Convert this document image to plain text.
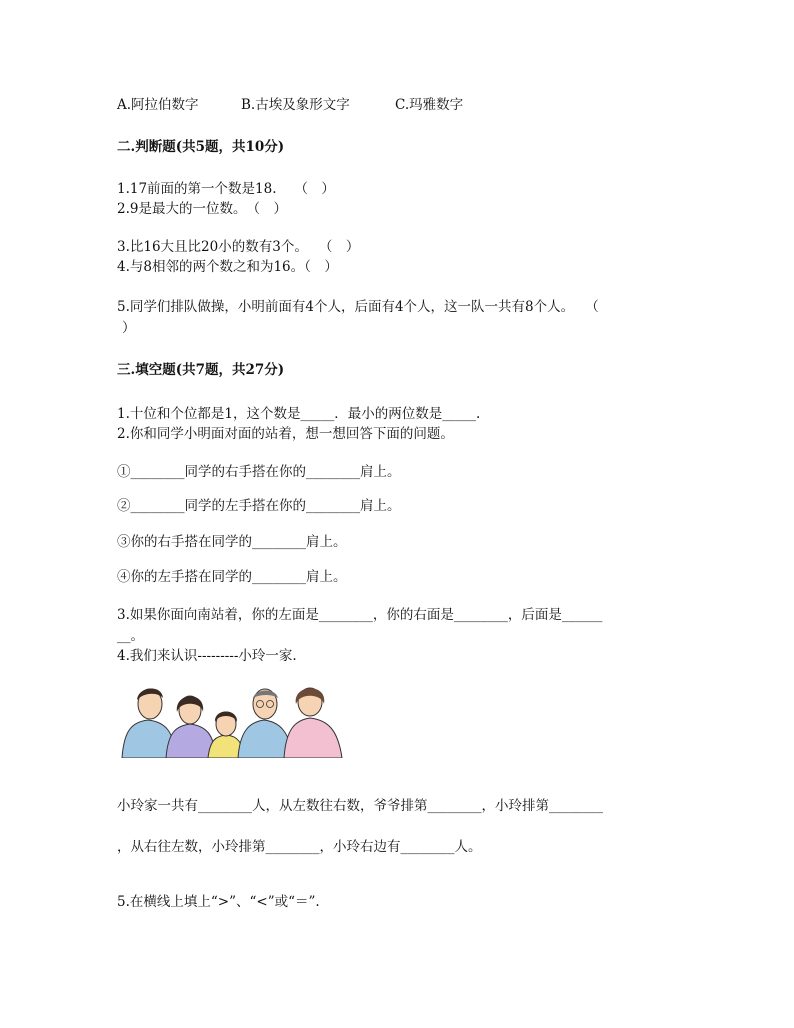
A.阿拉伯数字	B.古埃及象形文字	C.玛雅数字
二.判断题(共5题，共10分)
1.17前面的第一个数是18.　 （　）
2.9是最大的一位数。　（　）
3.比16大且比20小的数有3个。　 （　）
4.与8相邻的两个数之和为16。（　）
5.同学们排队做操，小明前面有4个人，后面有4个人，这一队一共有8个人。　 （
）
三.填空题(共7题，共27分)
1.十位和个位都是1，这个数是_____．最小的两位数是_____.
2.你和同学小明面对面的站着，想一想回答下面的问题。
①________同学的右手搭在你的________肩上。
②________同学的左手搭在你的________肩上。
③你的右手搭在同学的________肩上。
④你的左手搭在同学的________肩上。
3.如果你面向南站着，你的左面是________，你的右面是________，后面是______
__。
4.我们来认识---------小玲一家.
小玲家一共有________人，从左数往右数，爷爷排第________，小玲排第________
，从右往左数，小玲排第________，小玲右边有________人。
5.在横线上填上“>”、“<”或“＝”.
